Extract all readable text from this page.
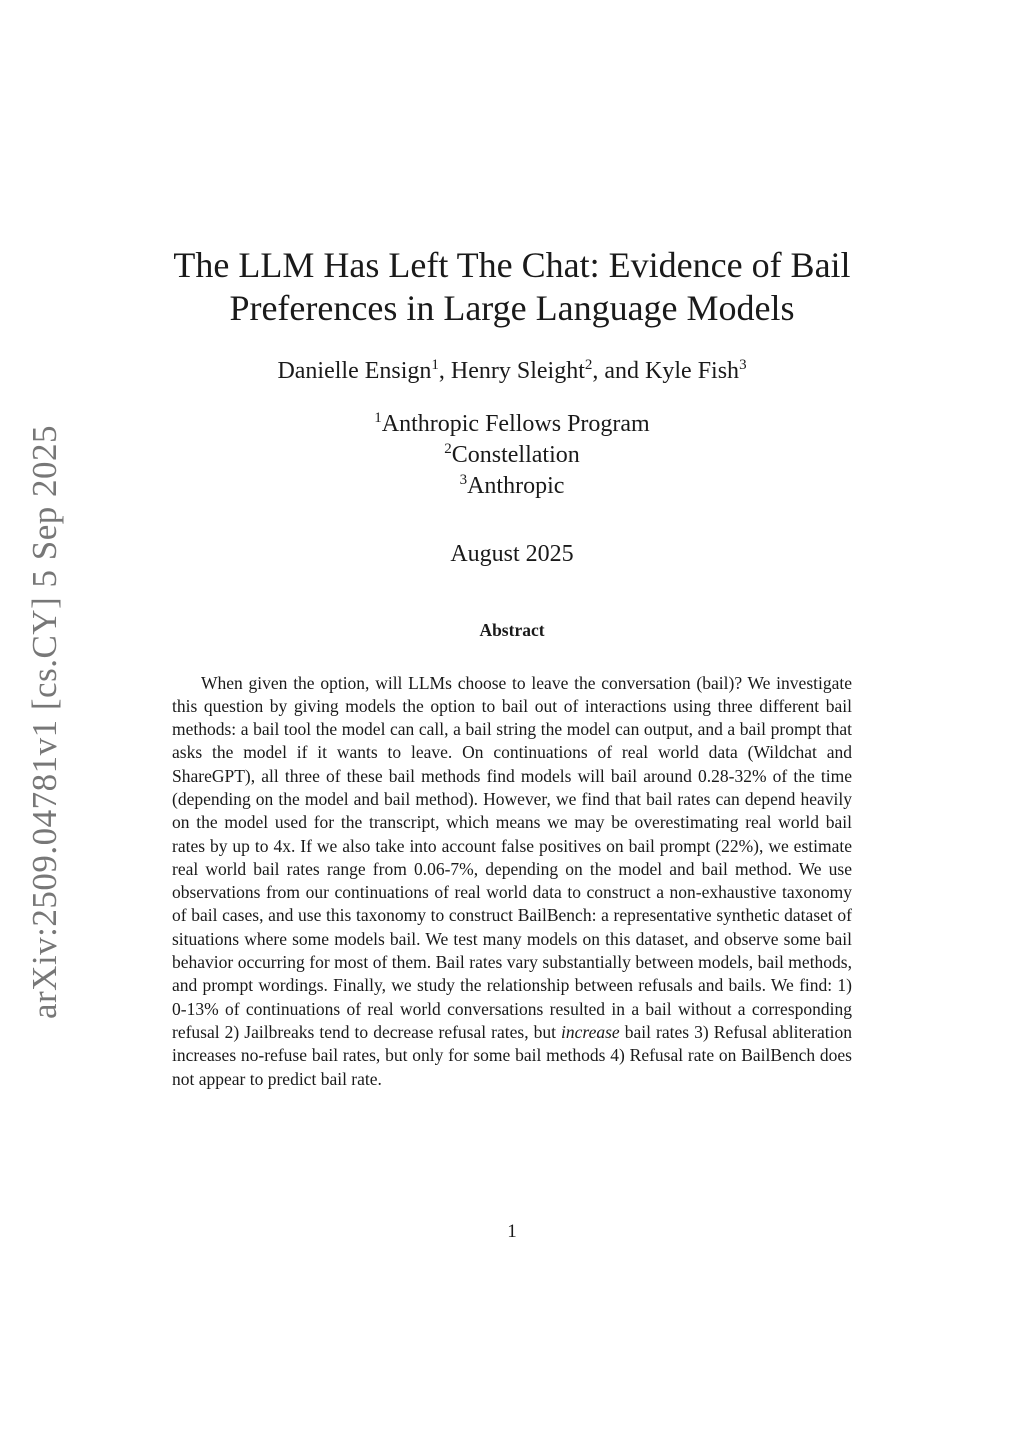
arXiv:2509.04781v1 [cs.CY] 5 Sep 2025
The LLM Has Left The Chat: Evidence of Bail
Preferences in Large Language Models
Danielle Ensign$^1$, Henry Sleight$^2$, and Kyle Fish$^3$
$^1$Anthropic Fellows Program
$^2$Constellation
$^3$Anthropic
August 2025
Abstract

When given the option, will LLMs choose to leave the conversation (bail)? We investigate this question by giving models the option to bail out of interactions using three different bail methods: a bail tool the model can call, a bail string the model can output, and a bail prompt that asks the model if it wants to leave. On continuations of real world data (Wildchat and ShareGPT), all three of these bail methods find models will bail around 0.28-32% of the time (depending on the model and bail method). However, we find that bail rates can depend heavily on the model used for the transcript, which means we may be overestimating real world bail rates by up to 4x. If we also take into account false positives on bail prompt (22%), we estimate real world bail rates range from 0.06-7%, depending on the model and bail method. We use observations from our continuations of real world data to construct a non-exhaustive taxonomy of bail cases, and use this taxonomy to construct BailBench: a representative synthetic dataset of situations where some models bail. We test many models on this dataset, and observe some bail behavior occurring for most of them. Bail rates vary substantially between models, bail methods, and prompt wordings. Finally, we study the relationship between refusals and bails. We find: 1) 0-13% of continuations of real world conversations resulted in a bail without a corresponding refusal 2) Jailbreaks tend to decrease refusal rates, but increase bail rates 3) Refusal abliteration increases no-refuse bail rates, but only for some bail methods 4) Refusal rate on BailBench does not appear to predict bail rate.

1
